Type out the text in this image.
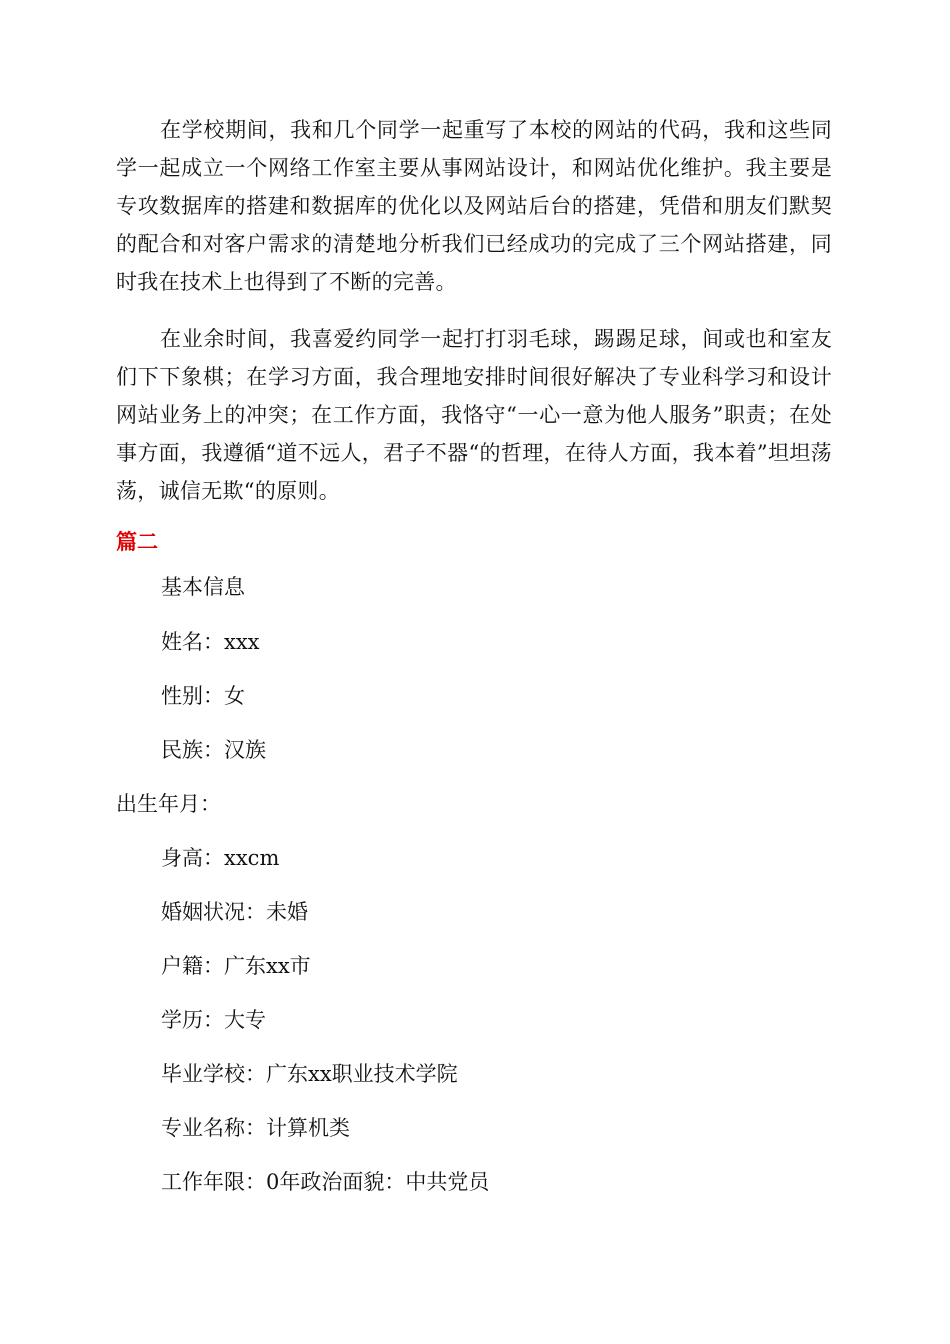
在学校期间，我和几个同学一起重写了本校的网站的代码，我和这些同学一起成立一个网络工作室主要从事网站设计，和网站优化维护。我主要是专攻数据库的搭建和数据库的优化以及网站后台的搭建，凭借和朋友们默契的配合和对客户需求的清楚地分析我们已经成功的完成了三个网站搭建，同时我在技术上也得到了不断的完善。

在业余时间，我喜爱约同学一起打打羽毛球，踢踢足球，间或也和室友们下下象棋；在学习方面，我合理地安排时间很好解决了专业科学习和设计网站业务上的冲突；在工作方面，我恪守“一心一意为他人服务”职责；在处事方面，我遵循“道不远人，君子不器“的哲理，在待人方面，我本着”坦坦荡荡，诚信无欺“的原则。

篇二

基本信息

姓名：xxx

性别：女

民族：汉族

出生年月：

身高：xxcm

婚姻状况：未婚

户籍：广东xx市

学历：大专

毕业学校：广东xx职业技术学院

专业名称：计算机类

工作年限：0年政治面貌：中共党员
